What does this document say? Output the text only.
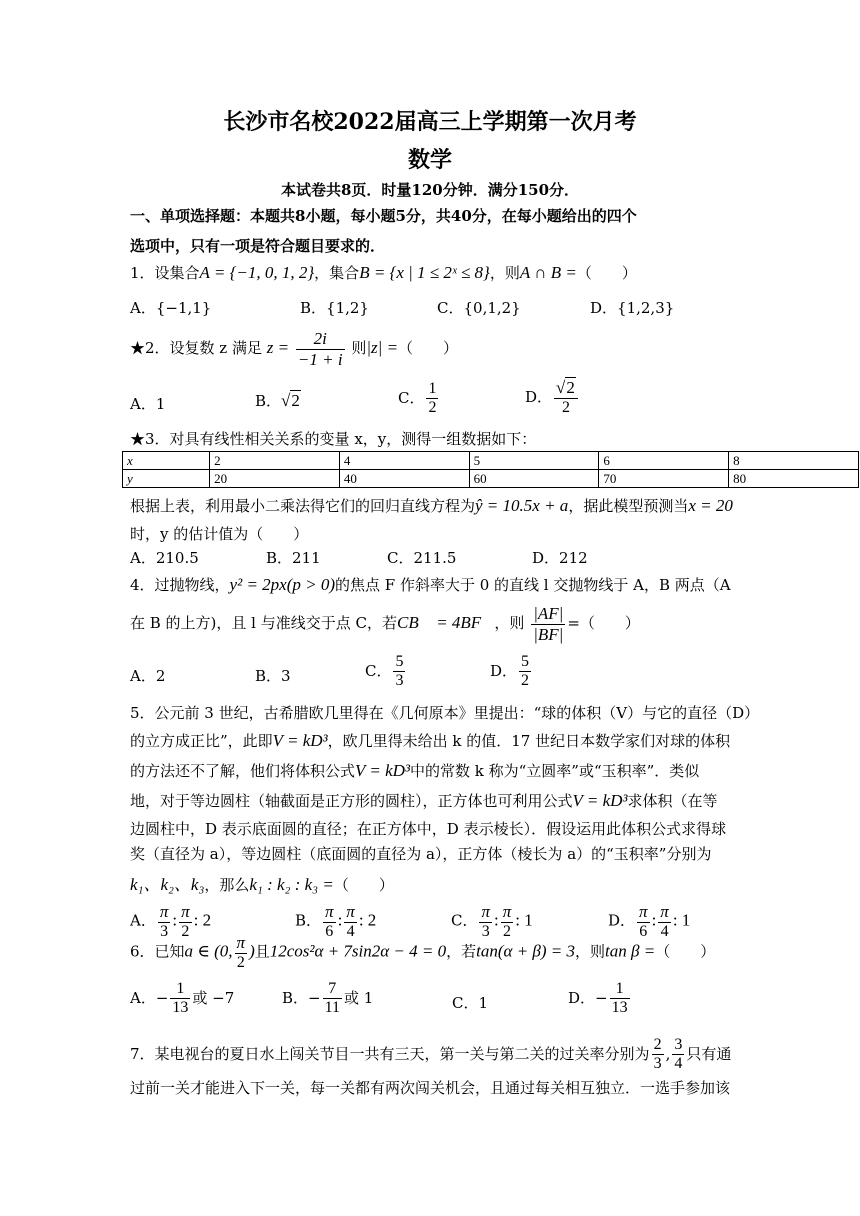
长沙市名校2022届高三上学期第一次月考
数学
本试卷共8页．时量120分钟．满分150分．
一、单项选择题：本题共8小题，每小题5分，共40分，在每小题给出的四个
选项中，只有一项是符合题目要求的．
1．设集合A = {−1, 0, 1, 2}，集合B = {x | 1 ≤ 2ˣ ≤ 8}，则A ∩ B =（　　）
A．{−1,1}	B．{1,2}	C．{0,1,2}	D．{1,2,3}
★2．设复数 z 满足 $z = \frac{2i}{-1 + i}$ 则|z| =（　　）
A．1	B．√2	C． $\frac{1}{2}$	D． $\frac{√2}{2}$
★3．对具有线性相关关系的变量 x，y，测得一组数据如下：
x	2	4	5	6	8
y	20	40	60	70	80
根据上表，利用最小二乘法得它们的回归直线方程为ŷ = 10.5x + a，据此模型预测当x = 20
时，y 的估计值为（　　）
A．210.5	B．211	C．211.5	D．212
4．过抛物线，y² = 2px(p > 0)的焦点 F 作斜率大于 0 的直线 l 交抛物线于 A，B 两点（A
在 B 的上方)，且 l 与准线交于点 C，若CB⃗ = 4BF⃗，则 $\frac{|AF|}{|BF|}$ =（　　）
A．2	B．3	C． $\frac{5}{3}$	D． $\frac{5}{2}$
5．公元前 3 世纪，古希腊欧几里得在《几何原本》里提出：“球的体积（V）与它的直径（D）
的立方成正比”，此即V = kD³，欧几里得未给出 k 的值．17 世纪日本数学家们对球的体积
的方法还不了解，他们将体积公式V = kD³中的常数 k 称为“立圆率”或“玉积率”．类似
地，对于等边圆柱（轴截面是正方形的圆柱），正方体也可利用公式V = kD³求体积（在等
边圆柱中，D 表示底面圆的直径；在正方体中，D 表示棱长）．假设运用此体积公式求得球
奖（直径为 a），等边圆柱（底面圆的直径为 a），正方体（棱长为 a）的“玉积率”分别为
k₁、k₂、k₃，那么k₁ : k₂ : k₃ =（　　）
A． $\frac{\pi}{3}$ : $\frac{\pi}{2}$ : 2	B． $\frac{\pi}{6}$ : $\frac{\pi}{4}$ : 2	C． $\frac{\pi}{3}$ : $\frac{\pi}{2}$ : 1	D． $\frac{\pi}{6}$ : $\frac{\pi}{4}$ : 1
6．已知a ∈ (0, $\frac{\pi}{2}$ )且12cos²α + 7sin2α − 4 = 0，若tan(α + β) = 3，则tan β =（　　）
A．− $\frac{1}{13}$ 或 −7	B．− $\frac{7}{11}$ 或 1	C．1	D．− $\frac{1}{13}$
7．某电视台的夏日水上闯关节目一共有三天，第一关与第二关的过关率分别为 $\frac{2}{3}$ , $\frac{3}{4}$ 只有通
过前一关才能进入下一关，每一关都有两次闯关机会，且通过每关相互独立．一选手参加该
